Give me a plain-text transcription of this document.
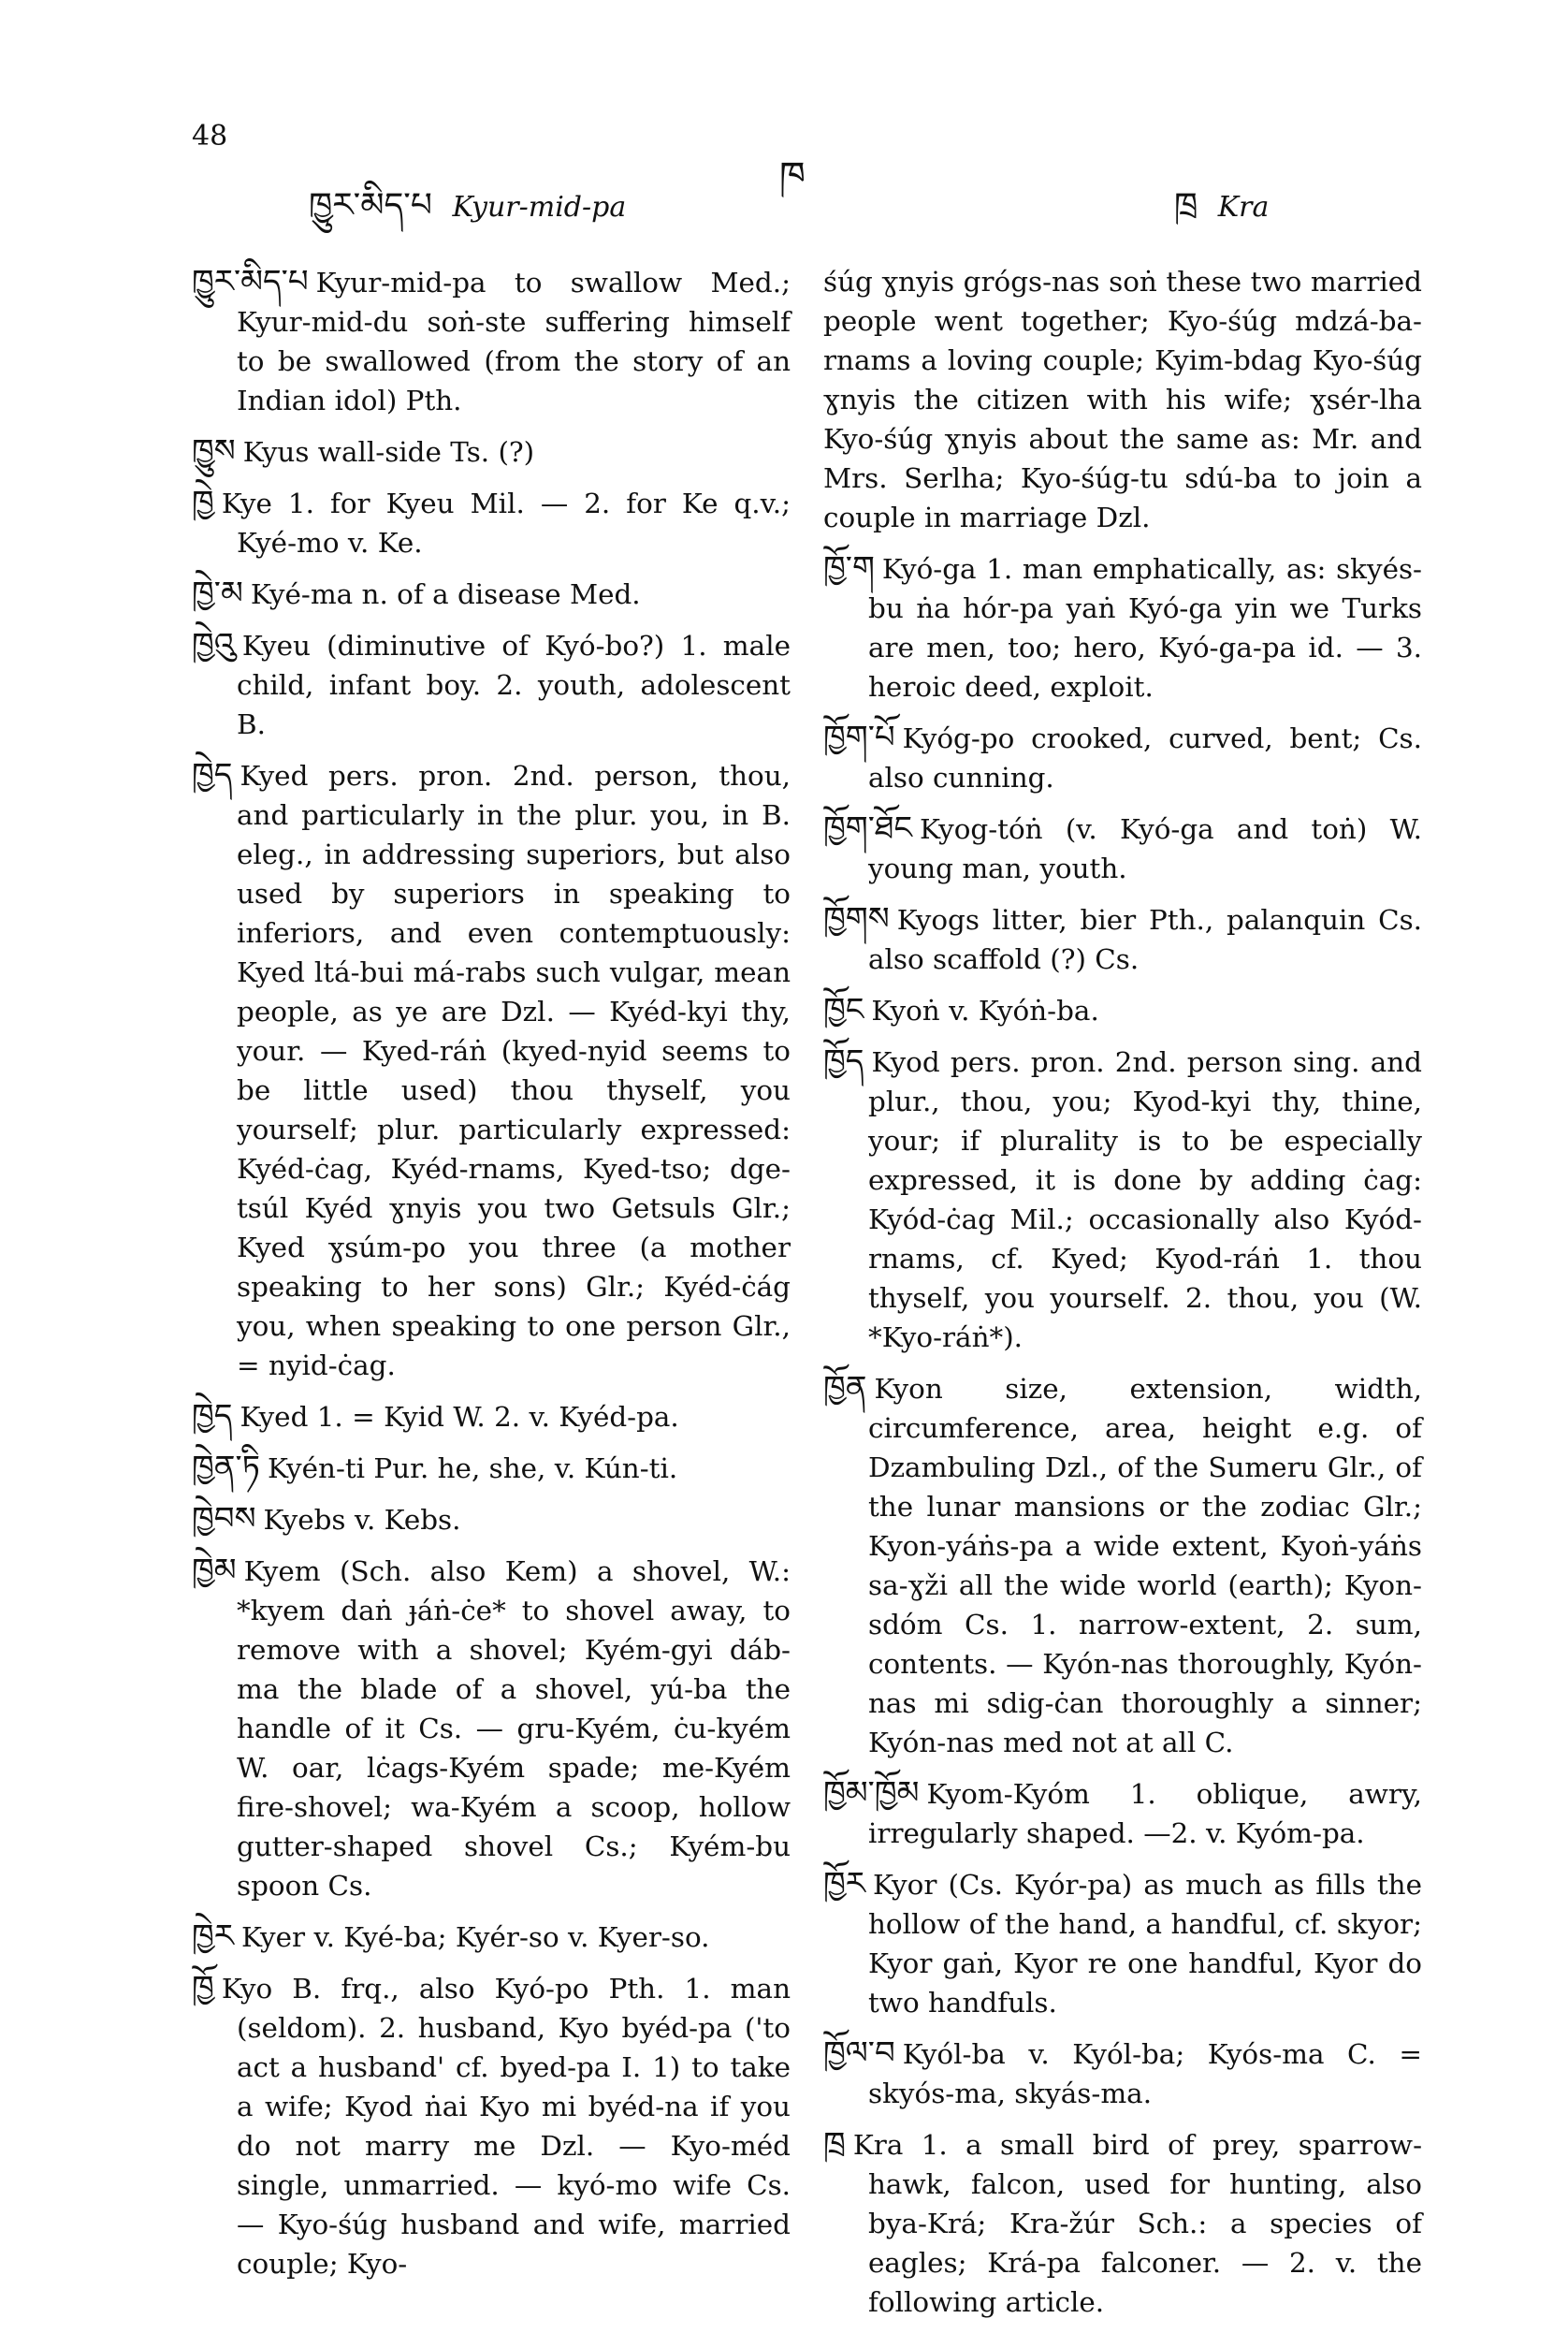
48
ཁ
ཁྱུར་མིད་པ Kyur-mid-pa	ཁྲ Kra

ཁྱུར་མིད་པ Kyur-mid-pa to swallow Med.; Kyur-mid-du soṅ-ste suffering himself to be swallowed (from the story of an Indian idol) Pth.

ཁྱུས Kyus wall-side Ts. (?)

ཁྱེ Kye 1. for Kyeu Mil. — 2. for Ke q.v.; Kyé-mo v. Ke.

ཁྱེ་མ Kyé-ma n. of a disease Med.

ཁྱེའུ Kyeu (diminutive of Kyó-bo?) 1. male child, infant boy. 2. youth, adolescent B.

ཁྱེད Kyed pers. pron. 2nd. person, thou, and particularly in the plur. you, in B. eleg., in addressing superiors, but also used by superiors in speaking to inferiors, and even contemptuously: Kyed ltá-bui má-rabs such vulgar, mean people, as ye are Dzl. — Kyéd-kyi thy, your. — Kyed-ráṅ (kyed-nyid seems to be little used) thou thyself, you yourself; plur. particularly expressed: Kyéd-ċag, Kyéd-rnams, Kyed-tso; dge-tsúl Kyéd ɣnyis you two Getsuls Glr.; Kyed ɣsúm-po you three (a mother speaking to her sons) Glr.; Kyéd-ċág you, when speaking to one person Glr., = nyid-ċag.

ཁྱེད Kyed 1. = Kyid W. 2. v. Kyéd-pa.

ཁྱེན་ཏི Kyén-ti Pur. he, she, v. Kún-ti.

ཁྱེབས Kyebs v. Kebs.

ཁྱེམ Kyem (Sch. also Kem) a shovel, W.: *kyem daṅ ɟáṅ-ċe* to shovel away, to remove with a shovel; Kyém-gyi dáb-ma the blade of a shovel, yú-ba the handle of it Cs. — gru-Kyém, ċu-kyém W. oar, lċags-Kyém spade; me-Kyém fire-shovel; wa-Kyém a scoop, hollow gutter-shaped shovel Cs.; Kyém-bu spoon Cs.

ཁྱེར Kyer v. Kyé-ba; Kyér-so v. Kyer-so.

ཁྱོ Kyo B. frq., also Kyó-po Pth. 1. man (seldom). 2. husband, Kyo byéd-pa ('to act a husband' cf. byed-pa I. 1) to take a wife; Kyod ṅai Kyo mi byéd-na if you do not marry me Dzl. — Kyo-méd single, unmarried. — kyó-mo wife Cs. — Kyo-śúg husband and wife, married couple; Kyo-

śúg ɣnyis grógs-nas soṅ these two married people went together; Kyo-śúg mdzá-ba-rnams a loving couple; Kyim-bdag Kyo-śúg ɣnyis the citizen with his wife; ɣsér-lha Kyo-śúg ɣnyis about the same as: Mr. and Mrs. Serlha; Kyo-śúg-tu sdú-ba to join a couple in marriage Dzl.

ཁྱོ་ག Kyó-ga 1. man emphatically, as: skyés-bu ṅa hór-pa yaṅ Kyó-ga yin we Turks are men, too; hero, Kyó-ga-pa id. — 3. heroic deed, exploit.

ཁྱོག་པོ Kyóg-po crooked, curved, bent; Cs. also cunning.

ཁྱོག་ཐོང Kyog-tóṅ (v. Kyó-ga and toṅ) W. young man, youth.

ཁྱོགས Kyogs litter, bier Pth., palanquin Cs. also scaffold (?) Cs.

ཁྱོང Kyoṅ v. Kyóṅ-ba.

ཁྱོད Kyod pers. pron. 2nd. person sing. and plur., thou, you; Kyod-kyi thy, thine, your; if plurality is to be especially expressed, it is done by adding ċag: Kyód-ċag Mil.; occasionally also Kyód-rnams, cf. Kyed; Kyod-ráṅ 1. thou thyself, you yourself. 2. thou, you (W. *Kyo-ráṅ*).

ཁྱོན Kyon size, extension, width, circumference, area, height e.g. of Dzambuling Dzl., of the Sumeru Glr., of the lunar mansions or the zodiac Glr.; Kyon-yáṅs-pa a wide extent, Kyoṅ-yáṅs sa-ɣži all the wide world (earth); Kyon-sdóm Cs. 1. narrow-extent, 2. sum, contents. — Kyón-nas thoroughly, Kyón-nas mi sdig-ċan thoroughly a sinner; Kyón-nas med not at all C.

ཁྱོམ་ཁྱོམ Kyom-Kyóm 1. oblique, awry, irregularly shaped. —2. v. Kyóm-pa.

ཁྱོར Kyor (Cs. Kyór-pa) as much as fills the hollow of the hand, a handful, cf. skyor; Kyor gaṅ, Kyor re one handful, Kyor do two handfuls.

ཁྱོལ་བ Kyól-ba v. Kyól-ba; Kyós-ma C. = skyós-ma, skyás-ma.

ཁྲ Kra 1. a small bird of prey, sparrow-hawk, falcon, used for hunting, also bya-Krá; Kra-žúr Sch.: a species of eagles; Krá-pa falconer. — 2. v. the following article.
